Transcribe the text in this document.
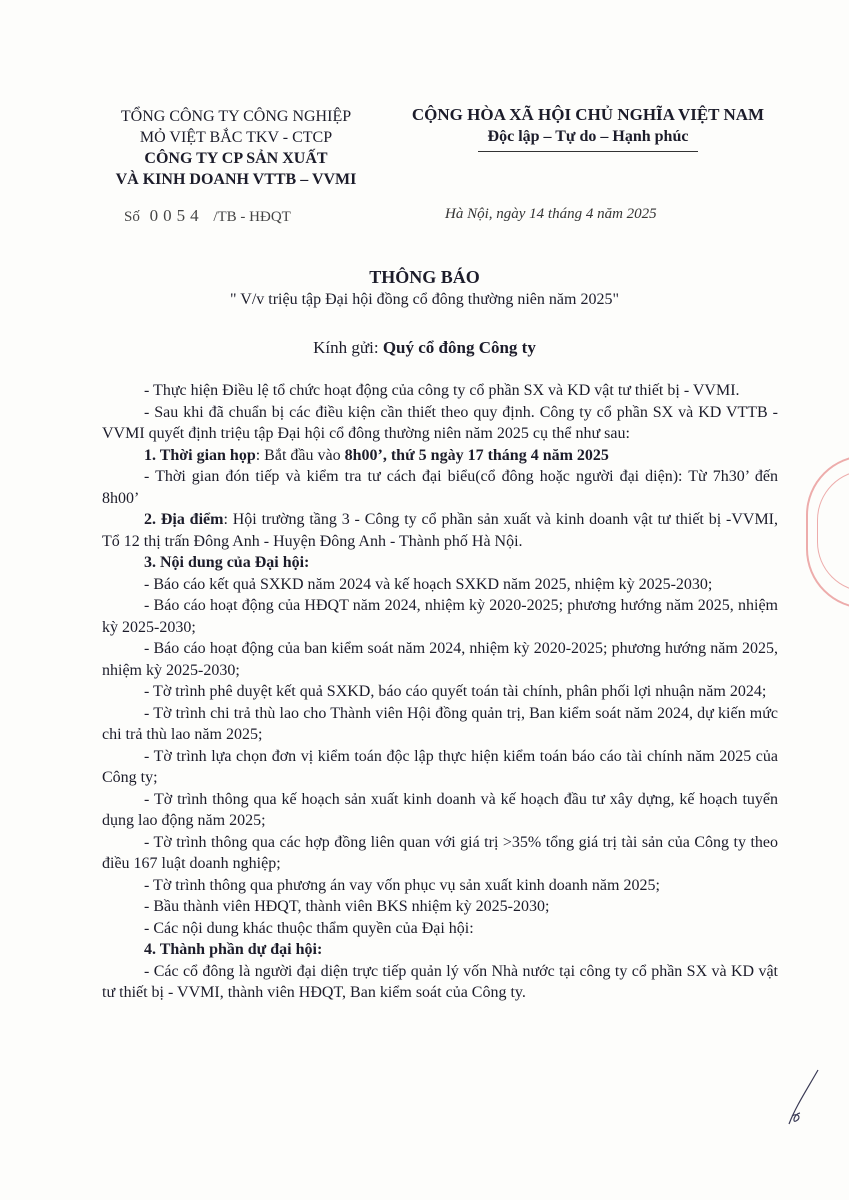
TỔNG CÔNG TY CÔNG NGHIỆP
MỎ VIỆT BẮC TKV - CTCP
CÔNG TY CP SẢN XUẤT
VÀ KINH DOANH VTTB – VVMI
CỘNG HÒA XÃ HỘI CHỦ NGHĨA VIỆT NAM
Độc lập – Tự do – Hạnh phúc
Số 0054 /TB - HĐQT	Hà Nội, ngày 14 tháng 4 năm 2025
THÔNG BÁO
" V/v triệu tập Đại hội đồng cổ đông thường niên năm 2025"
Kính gửi: Quý cổ đông Công ty

- Thực hiện Điều lệ tổ chức hoạt động của công ty cổ phần SX và KD vật tư thiết bị - VVMI.

- Sau khi đã chuẩn bị các điều kiện cần thiết theo quy định. Công ty cổ phần SX và KD VTTB - VVMI quyết định triệu tập Đại hội cổ đông thường niên năm 2025 cụ thể như sau:

1. Thời gian họp: Bắt đầu vào 8h00’, thứ 5 ngày 17 tháng 4 năm 2025

- Thời gian đón tiếp và kiểm tra tư cách đại biểu(cổ đông hoặc người đại diện): Từ 7h30’ đến 8h00’

2. Địa điểm: Hội trường tầng 3 - Công ty cổ phần sản xuất và kinh doanh vật tư thiết bị -VVMI, Tổ 12 thị trấn Đông Anh - Huyện Đông Anh - Thành phố Hà Nội.

3. Nội dung của Đại hội:

- Báo cáo kết quả SXKD năm 2024 và kế hoạch SXKD năm 2025, nhiệm kỳ 2025-2030;

- Báo cáo hoạt động của HĐQT năm 2024, nhiệm kỳ 2020-2025; phương hướng năm 2025, nhiệm kỳ 2025-2030;

- Báo cáo hoạt động của ban kiểm soát năm 2024, nhiệm kỳ 2020-2025; phương hướng năm 2025, nhiệm kỳ 2025-2030;

- Tờ trình phê duyệt kết quả SXKD, báo cáo quyết toán tài chính, phân phối lợi nhuận năm 2024;

- Tờ trình chi trả thù lao cho Thành viên Hội đồng quản trị, Ban kiểm soát năm 2024, dự kiến mức chi trả thù lao năm 2025;

- Tờ trình lựa chọn đơn vị kiểm toán độc lập thực hiện kiểm toán báo cáo tài chính năm 2025 của Công ty;

- Tờ trình thông qua kế hoạch sản xuất kinh doanh và kế hoạch đầu tư xây dựng, kế hoạch tuyển dụng lao động năm 2025;

- Tờ trình thông qua các hợp đồng liên quan với giá trị >35% tổng giá trị tài sản của Công ty theo điều 167 luật doanh nghiệp;

- Tờ trình thông qua phương án vay vốn phục vụ sản xuất kinh doanh năm 2025;

- Bầu thành viên HĐQT, thành viên BKS nhiệm kỳ 2025-2030;

- Các nội dung khác thuộc thẩm quyền của Đại hội:

4. Thành phần dự đại hội:

- Các cổ đông là người đại diện trực tiếp quản lý vốn Nhà nước tại công ty cổ phần SX và KD vật tư thiết bị - VVMI, thành viên HĐQT, Ban kiểm soát của Công ty.
